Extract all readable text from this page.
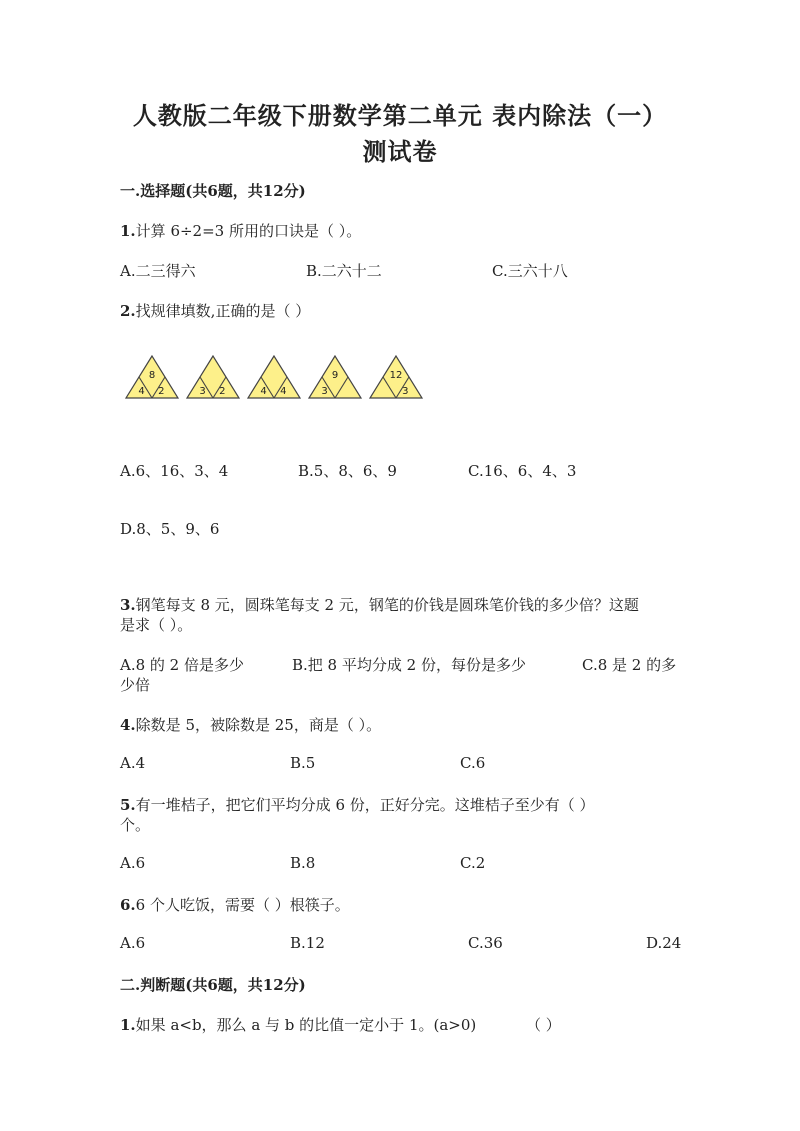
人教版二年级下册数学第二单元 表内除法（一）
测试卷
一.选择题(共6题，共12分)
1.计算 6÷2=3 所用的口诀是（ ）。
A.二三得六	B.二六十二	C.三六十八
2.找规律填数,正确的是（ ）
8
4 2	3 2	4 4
9
3
12
3
A.6、16、3、4	B.5、8、6、9	C.16、6、4、3
D.8、5、9、6
3.钢笔每支 8 元，圆珠笔每支 2 元，钢笔的价钱是圆珠笔价钱的多少倍？这题
是求（ ）。
A.8 的 2 倍是多少	B.把 8 平均分成 2 份，每份是多少	C.8 是 2 的多
少倍
4.除数是 5，被除数是 25，商是（ ）。
A.4	B.5	C.6
5.有一堆桔子，把它们平均分成 6 份，正好分完。这堆桔子至少有（ ）
个。
A.6	B.8	C.2
6.6 个人吃饭，需要（ ）根筷子。
A.6	B.12	C.36	D.24
二.判断题(共6题，共12分)
1.如果 a<b，那么 a 与 b 的比值一定小于 1。(a>0)	（ ）
